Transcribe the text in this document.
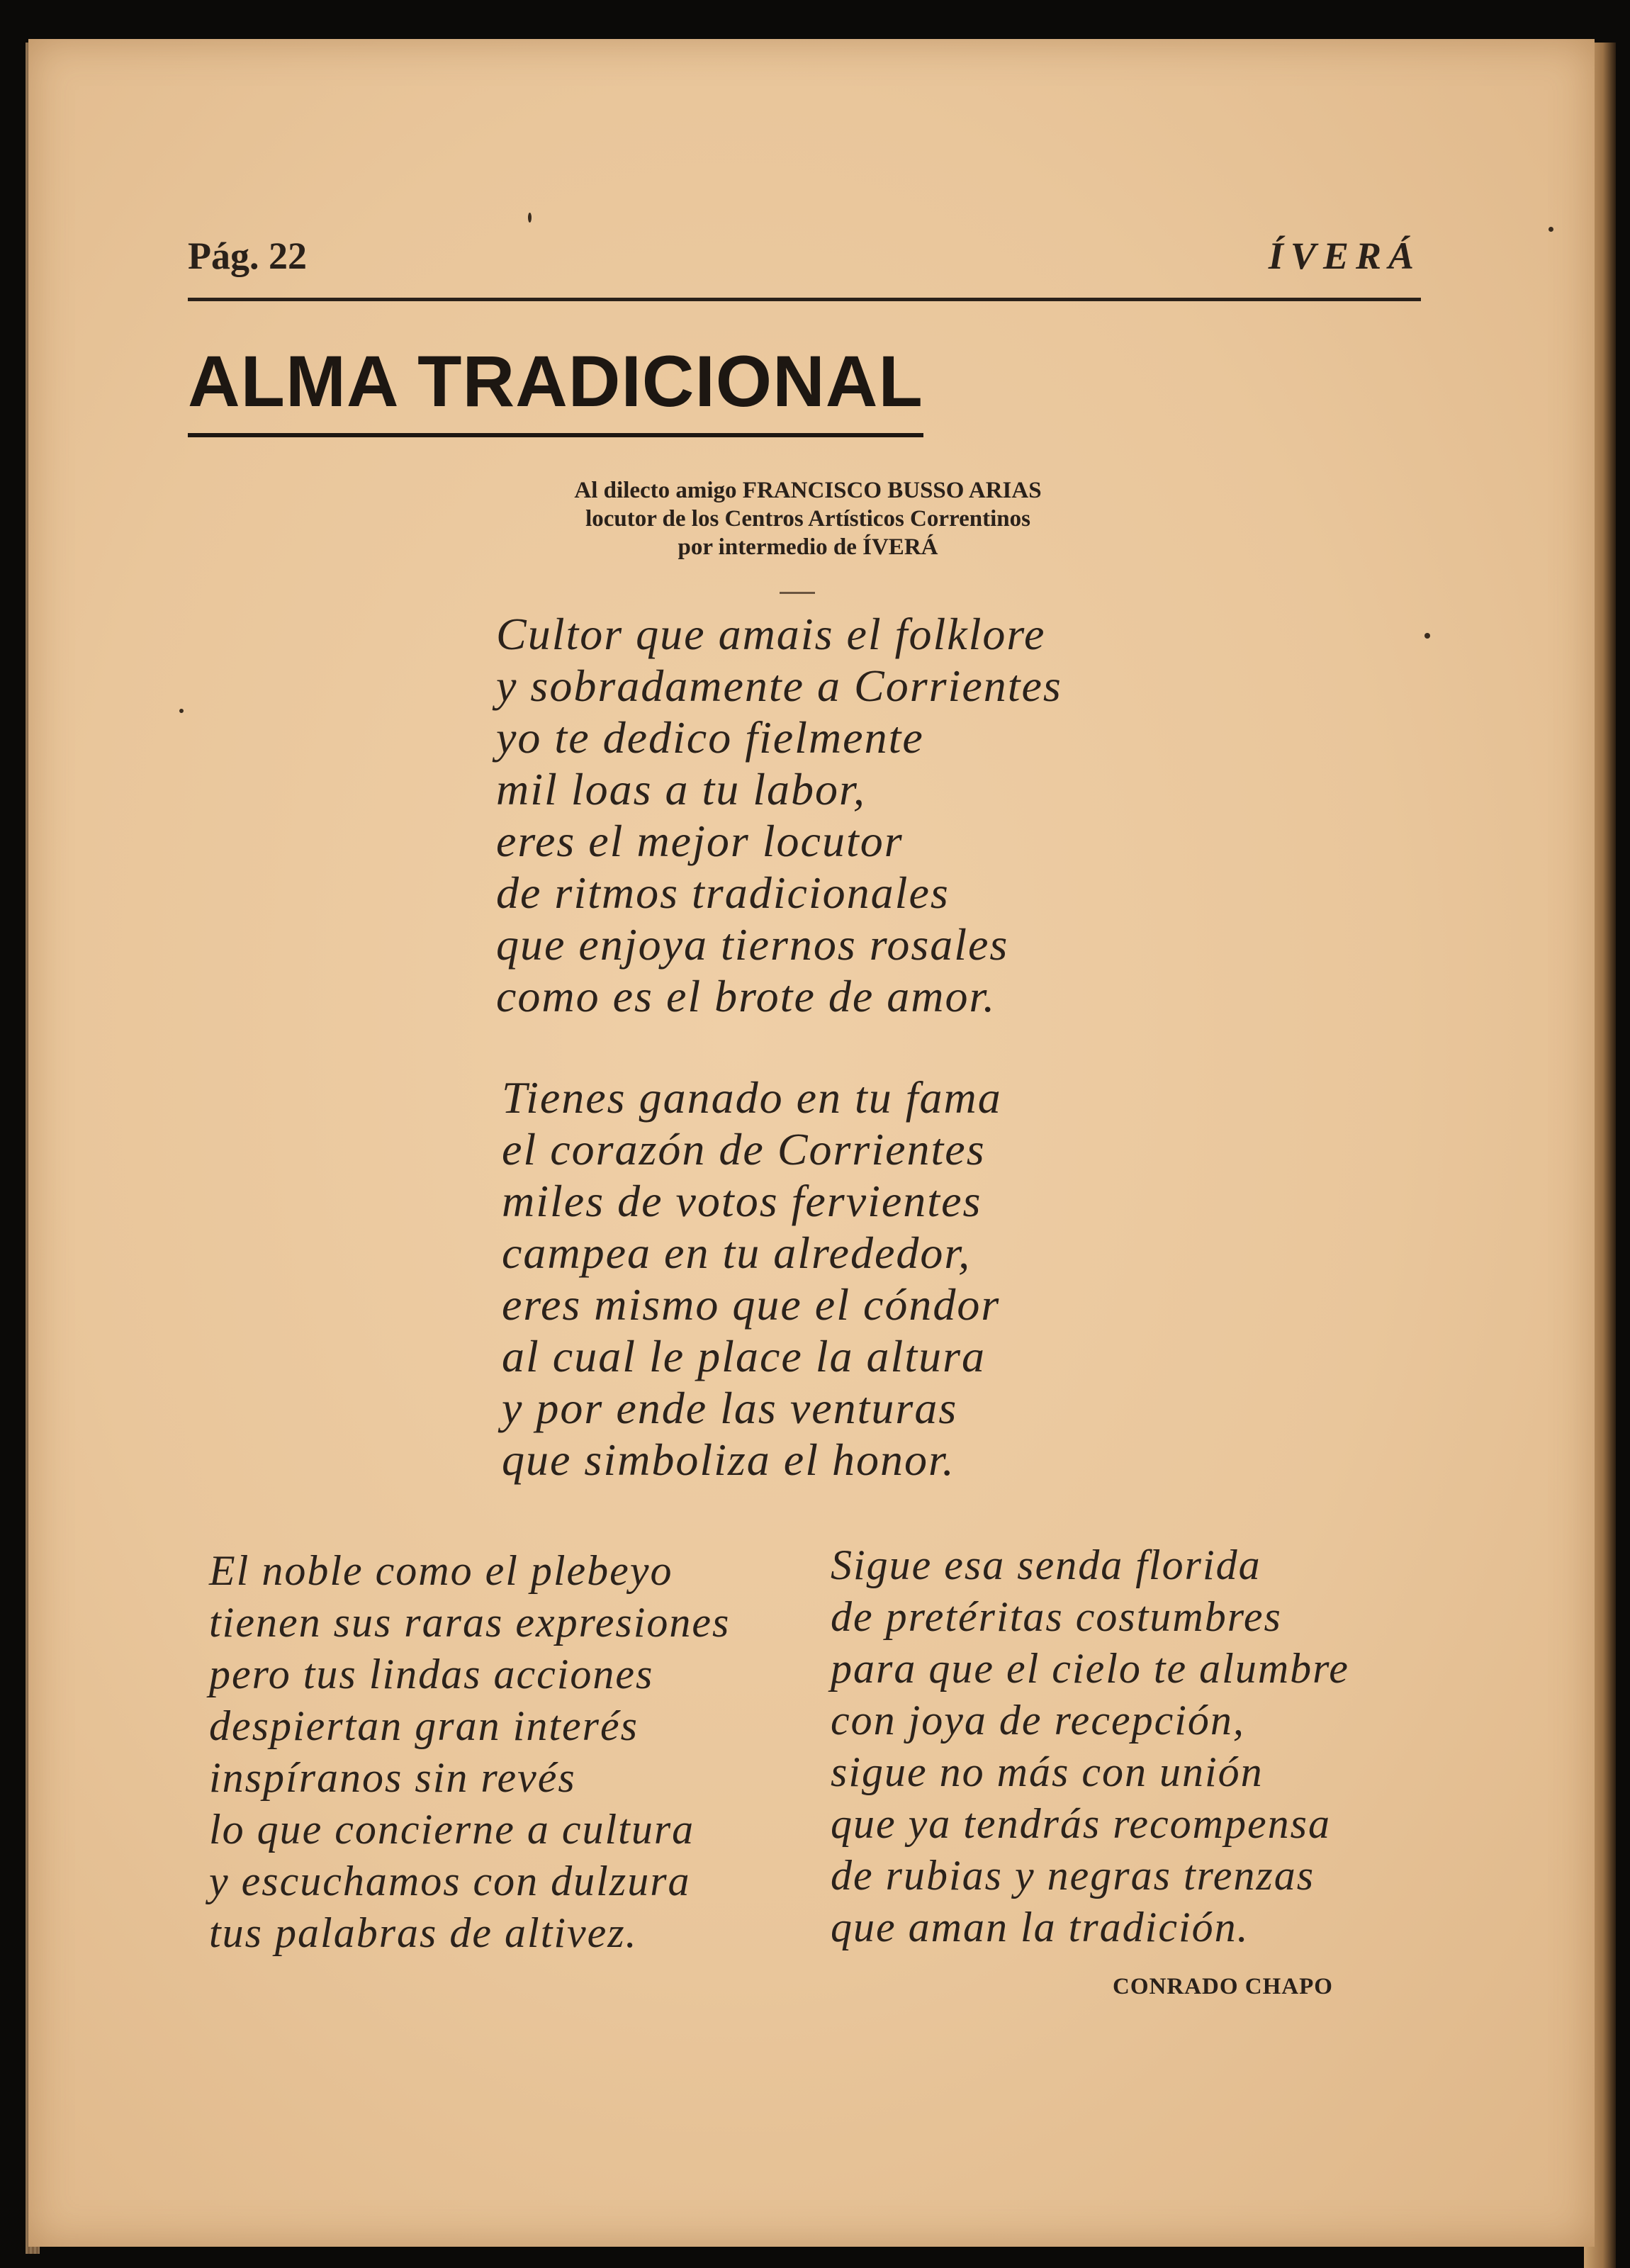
Pág. 22	ÍVERÁ
ALMA TRADICIONAL
Al dilecto amigo FRANCISCO BUSSO ARIAS
locutor de los Centros Artísticos Correntinos
por intermedio de ÍVERÁ
Cultor que amais el folklore
y sobradamente a Corrientes
yo te dedico fielmente
mil loas a tu labor,
eres el mejor locutor
de ritmos tradicionales
que enjoya tiernos rosales
como es el brote de amor.
Tienes ganado en tu fama
el corazón de Corrientes
miles de votos fervientes
campea en tu alrededor,
eres mismo que el cóndor
al cual le place la altura
y por ende las venturas
que simboliza el honor.
El noble como el plebeyo
tienen sus raras expresiones
pero tus lindas acciones
despiertan gran interés
inspíranos sin revés
lo que concierne a cultura
y escuchamos con dulzura
tus palabras de altivez.
Sigue esa senda florida
de pretéritas costumbres
para que el cielo te alumbre
con joya de recepción,
sigue no más con unión
que ya tendrás recompensa
de rubias y negras trenzas
que aman la tradición.
CONRADO CHAPO
